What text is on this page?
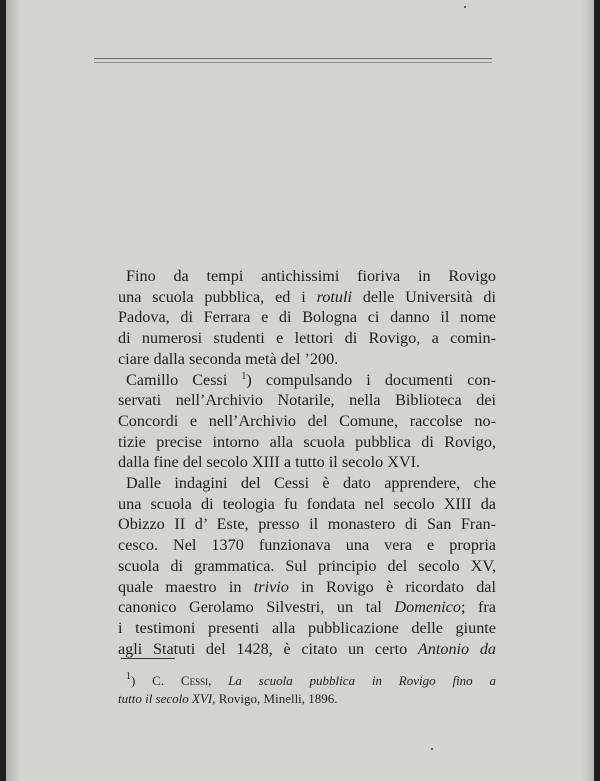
Fino da tempi antichissimi fioriva in Rovigo
una scuola pubblica, ed i rotuli delle Università di
Padova, di Ferrara e di Bologna ci danno il nome
di numerosi studenti e lettori di Rovigo, a comin-
ciare dalla seconda metà del ’200.

Camillo Cessi $^1$) compulsando i documenti con-
servati nell’Archivio Notarile, nella Biblioteca dei
Concordi e nell’Archivio del Comune, raccolse no-
tizie precise intorno alla scuola pubblica di Rovigo,
dalla fine del secolo XIII a tutto il secolo XVI.

Dalle indagini del Cessi è dato apprendere, che
una scuola di teologia fu fondata nel secolo XIII da
Obizzo II d’ Este, presso il monastero di San Fran-
cesco. Nel 1370 funzionava una vera e propria
scuola di grammatica. Sul principio del secolo XV,
quale maestro in trivio in Rovigo è ricordato dal
canonico Gerolamo Silvestri, un tal Domenico; fra
i testimoni presenti alla pubblicazione delle giunte
agli Statuti del 1428, è citato un certo Antonio da

$^1$) C. Cessi, La scuola pubblica in Rovigo fino a
tutto il secolo XVI, Rovigo, Minelli, 1896.
